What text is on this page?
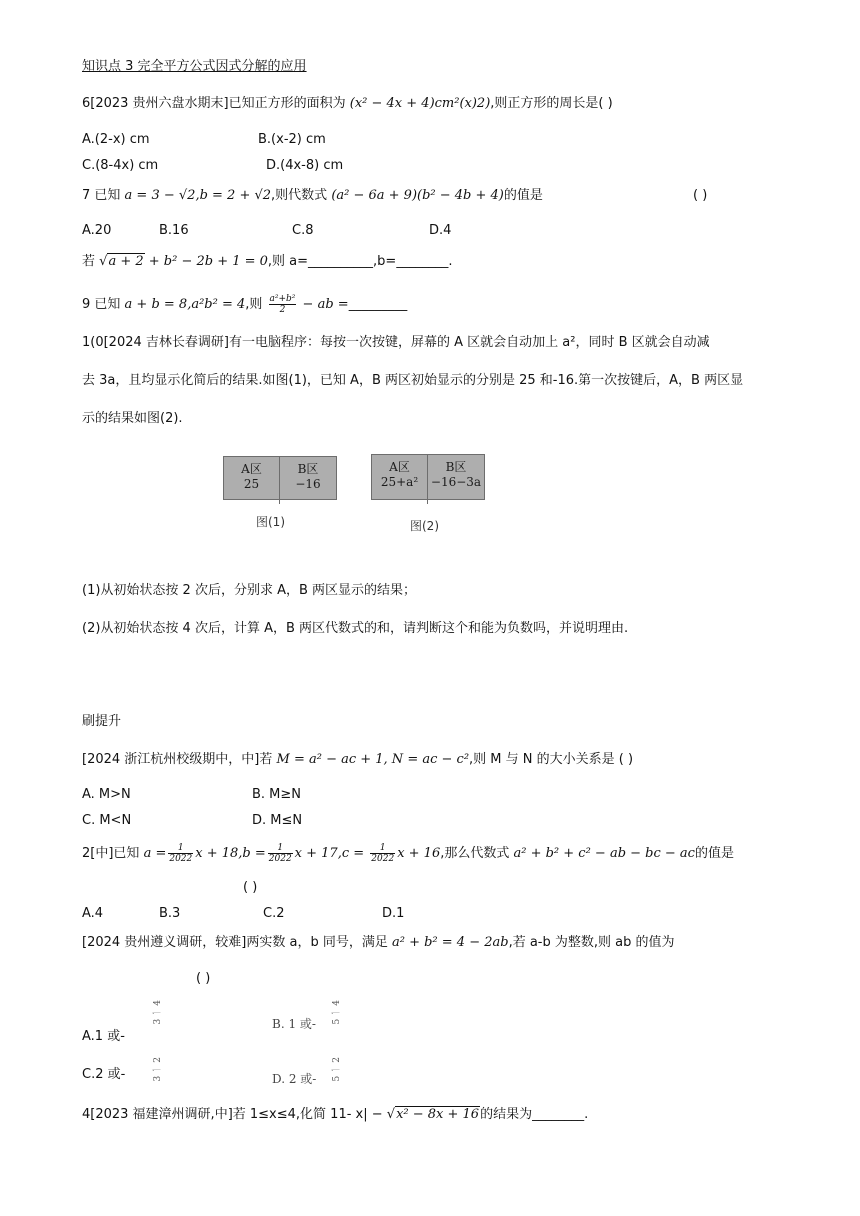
知识点 3 完全平方公式因式分解的应用
6[2023 贵州六盘水期末]已知正方形的面积为 (x² − 4x + 4)cm²(x)2),则正方形的周长是( )
A.(2-x) cm	B.(x-2) cm
C.(8-4x) cm	D.(4x-8) cm
7 已知 a = 3 − √2,b = 2 + √2,则代数式 (a² − 6a + 9)(b² − 4b + 4)的值是	( )
A.20	B.16	C.8	D.4
若 √a + 2 + b² − 2b + 1 = 0,则 a=__________,b=________.
9 已知 a + b = 8,a²b² = 4,则 $\frac{\text{a²+b²}}{2}$ − ab =_________
1(0[2024 吉林长春调研]有一电脑程序：每按一次按键，屏幕的 A 区就会自动加上 a²，同时 B 区就会自动减
去 3a，且均显示化简后的结果.如图(1)，已知 A，B 两区初始显示的分别是 25 和-16.第一次按键后，A，B 两区显
示的结果如图(2).
A区
25
B区
−16
图(1)
A区
25+a²
B区
−16−3a
图(2)
(1)从初始状态按 2 次后，分别求 A，B 两区显示的结果；
(2)从初始状态按 4 次后，计算 A，B 两区代数式的和，请判断这个和能为负数吗，并说明理由.
刷提升
[2024 浙江杭州校级期中，中]若 M = a² − ac + 1, N = ac − c²,则 M 与 N 的大小关系是 ( )
A. M>N	B. M≥N
C. M<N	D. M≤N
2[中]已知 $a = \frac{1}{2022}$ $x + 18,b = \frac{1}{2022}$ $x + 17,c = \frac{1}{2022}$ x + 16,那么代数式 a² + b² + c² − ab − bc − ac的值是
( )
A.4	B.3	C.2	D.1
[2024 贵州遵义调研，较难]两实数 a，b 同号，满足 a² + b² = 4 − 2ab,若 a-b 为整数,则 ab 的值为
( )
A.1 或-
3一4	B. 1 或- 5一4
C.2 或-	3一2	D. 2 或- 5一2
4[2023 福建漳州调研,中]若 1≤x≤4,化简 11- x| − √x² − 8x + 16的结果为________.
